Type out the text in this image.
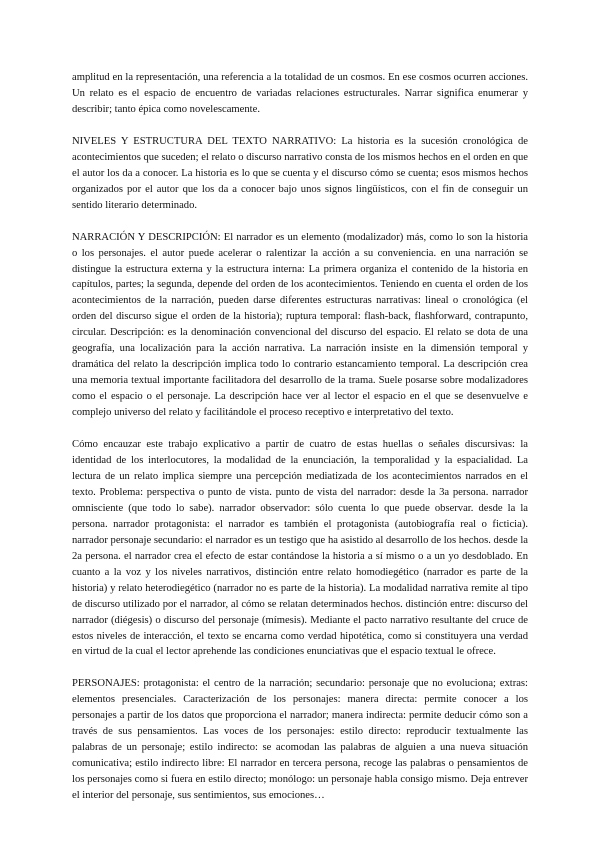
amplitud en la representación, una referencia a la totalidad de un cosmos. En ese cosmos ocurren acciones. Un relato es el espacio de encuentro de variadas relaciones estructurales. Narrar significa enumerar y describir; tanto épica como novelescamente.

NIVELES Y ESTRUCTURA DEL TEXTO NARRATIVO: La historia es la sucesión cronológica de acontecimientos que suceden; el relato o discurso narrativo consta de los mismos hechos en el orden en que el autor los da a conocer. La historia es lo que se cuenta y el discurso cómo se cuenta; esos mismos hechos organizados por el autor que los da a conocer bajo unos signos lingüísticos, con el fin de conseguir un sentido literario determinado.

NARRACIÓN Y DESCRIPCIÓN: El narrador es un elemento (modalizador) más, como lo son la historia o los personajes. el autor puede acelerar o ralentizar la acción a su conveniencia. en una narración se distingue la estructura externa y la estructura interna: La primera organiza el contenido de la historia en capítulos, partes; la segunda, depende del orden de los acontecimientos. Teniendo en cuenta el orden de los acontecimientos de la narración, pueden darse diferentes estructuras narrativas: lineal o cronológica (el orden del discurso sigue el orden de la historia); ruptura temporal: flash-back, flashforward, contrapunto, circular. Descripción: es la denominación convencional del discurso del espacio. El relato se dota de una geografía, una localización para la acción narrativa. La narración insiste en la dimensión temporal y dramática del relato la descripción implica todo lo contrario estancamiento temporal. La descripción crea una memoria textual importante facilitadora del desarrollo de la trama. Suele posarse sobre modalizadores como el espacio o el personaje. La descripción hace ver al lector el espacio en el que se desenvuelve e complejo universo del relato y facilitándole el proceso receptivo e interpretativo del texto.

Cómo encauzar este trabajo explicativo a partir de cuatro de estas huellas o señales discursivas: la identidad de los interlocutores, la modalidad de la enunciación, la temporalidad y la espacialidad. La lectura de un relato implica siempre una percepción mediatizada de los acontecimientos narrados en el texto. Problema: perspectiva o punto de vista. punto de vista del narrador: desde la 3a persona. narrador omnisciente (que todo lo sabe). narrador observador: sólo cuenta lo que puede observar. desde la la persona. narrador protagonista: el narrador es también el protagonista (autobiografía real o ficticia). narrador personaje secundario: el narrador es un testigo que ha asistido al desarrollo de los hechos. desde la 2a persona. el narrador crea el efecto de estar contándose la historia a sí mismo o a un yo desdoblado. En cuanto a la voz y los niveles narrativos, distinción entre relato homodiegético (narrador es parte de la historia) y relato heterodiegético (narrador no es parte de la historia). La modalidad narrativa remite al tipo de discurso utilizado por el narrador, al cómo se relatan determinados hechos. distinción entre: discurso del narrador (diégesis) o discurso del personaje (mímesis). Mediante el pacto narrativo resultante del cruce de estos niveles de interacción, el texto se encarna como verdad hipotética, como si constituyera una verdad en virtud de la cual el lector aprehende las condiciones enunciativas que el espacio textual le ofrece.

PERSONAJES: protagonista: el centro de la narración; secundario: personaje que no evoluciona; extras: elementos presenciales. Caracterización de los personajes: manera directa: permite conocer a los personajes a partir de los datos que proporciona el narrador; manera indirecta: permite deducir cómo son a través de sus pensamientos. Las voces de los personajes: estilo directo: reproducir textualmente las palabras de un personaje; estilo indirecto: se acomodan las palabras de alguien a una nueva situación comunicativa; estilo indirecto libre: El narrador en tercera persona, recoge las palabras o pensamientos de los personajes como si fuera en estilo directo; monólogo: un personaje habla consigo mismo. Deja entrever el interior del personaje, sus sentimientos, sus emociones…
